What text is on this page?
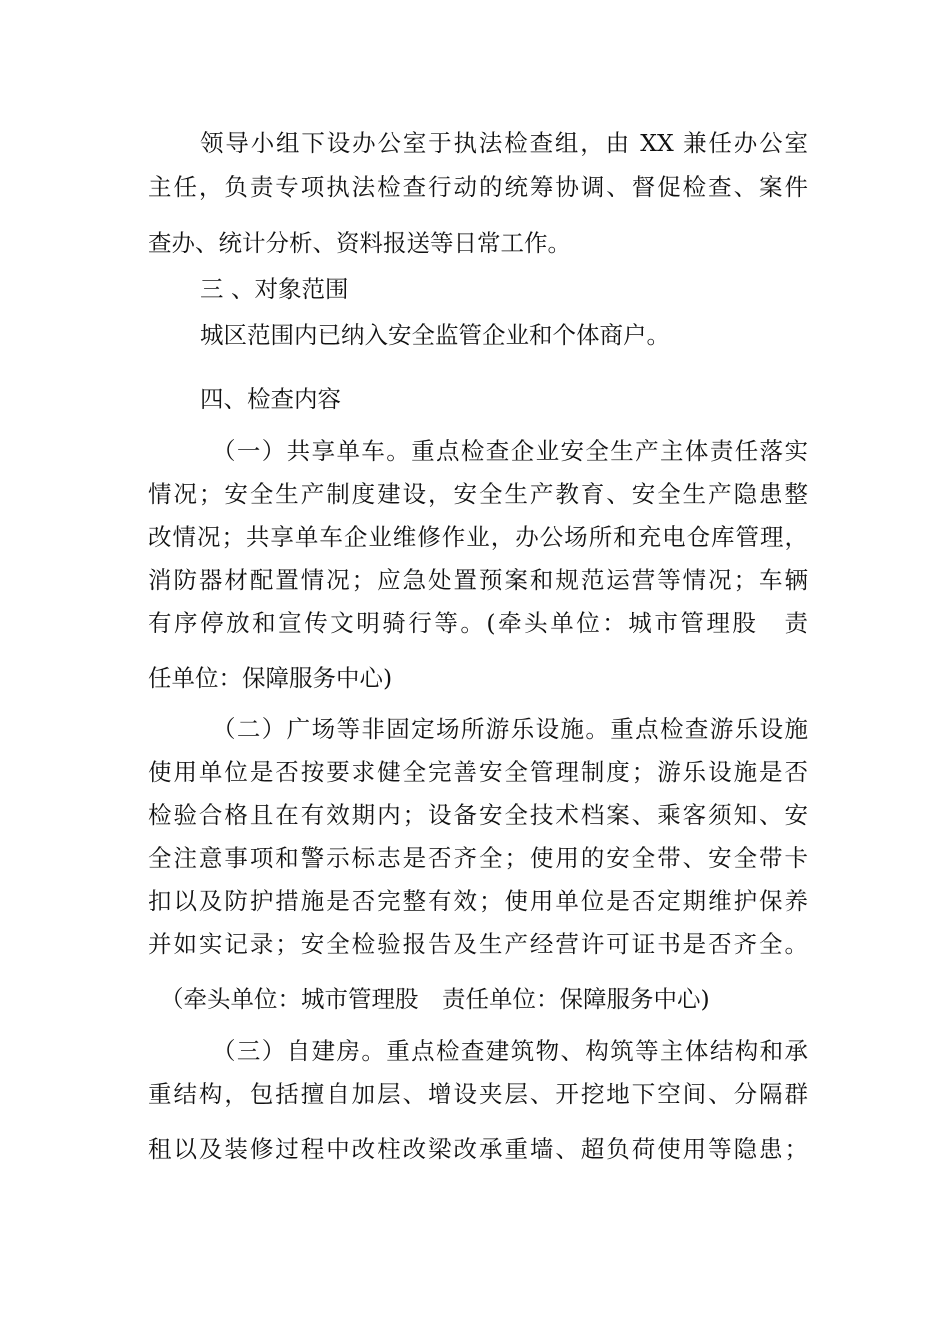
领导小组下设办公室于执法检查组，由 XX 兼任办公室
主任，负责专项执法检查行动的统筹协调、督促检查、案件
查办、统计分析、资料报送等日常工作。
三 、对象范围
城区范围内已纳入安全监管企业和个体商户。
四、检查内容
（一）共享单车。重点检查企业安全生产主体责任落实
情况；安全生产制度建设，安全生产教育、安全生产隐患整
改情况；共享单车企业维修作业，办公场所和充电仓库管理，
消防器材配置情况；应急处置预案和规范运营等情况；车辆
有序停放和宣传文明骑行等。(牵头单位：城市管理股　责
任单位：保障服务中心)
（二）广场等非固定场所游乐设施。重点检查游乐设施
使用单位是否按要求健全完善安全管理制度；游乐设施是否
检验合格且在有效期内；设备安全技术档案、乘客须知、安
全注意事项和警示标志是否齐全；使用的安全带、安全带卡
扣以及防护措施是否完整有效；使用单位是否定期维护保养
并如实记录；安全检验报告及生产经营许可证书是否齐全。
（牵头单位：城市管理股　责任单位：保障服务中心)
（三）自建房。重点检查建筑物、构筑等主体结构和承
重结构，包括擅自加层、增设夹层、开挖地下空间、分隔群
租以及装修过程中改柱改梁改承重墙、超负荷使用等隐患；
